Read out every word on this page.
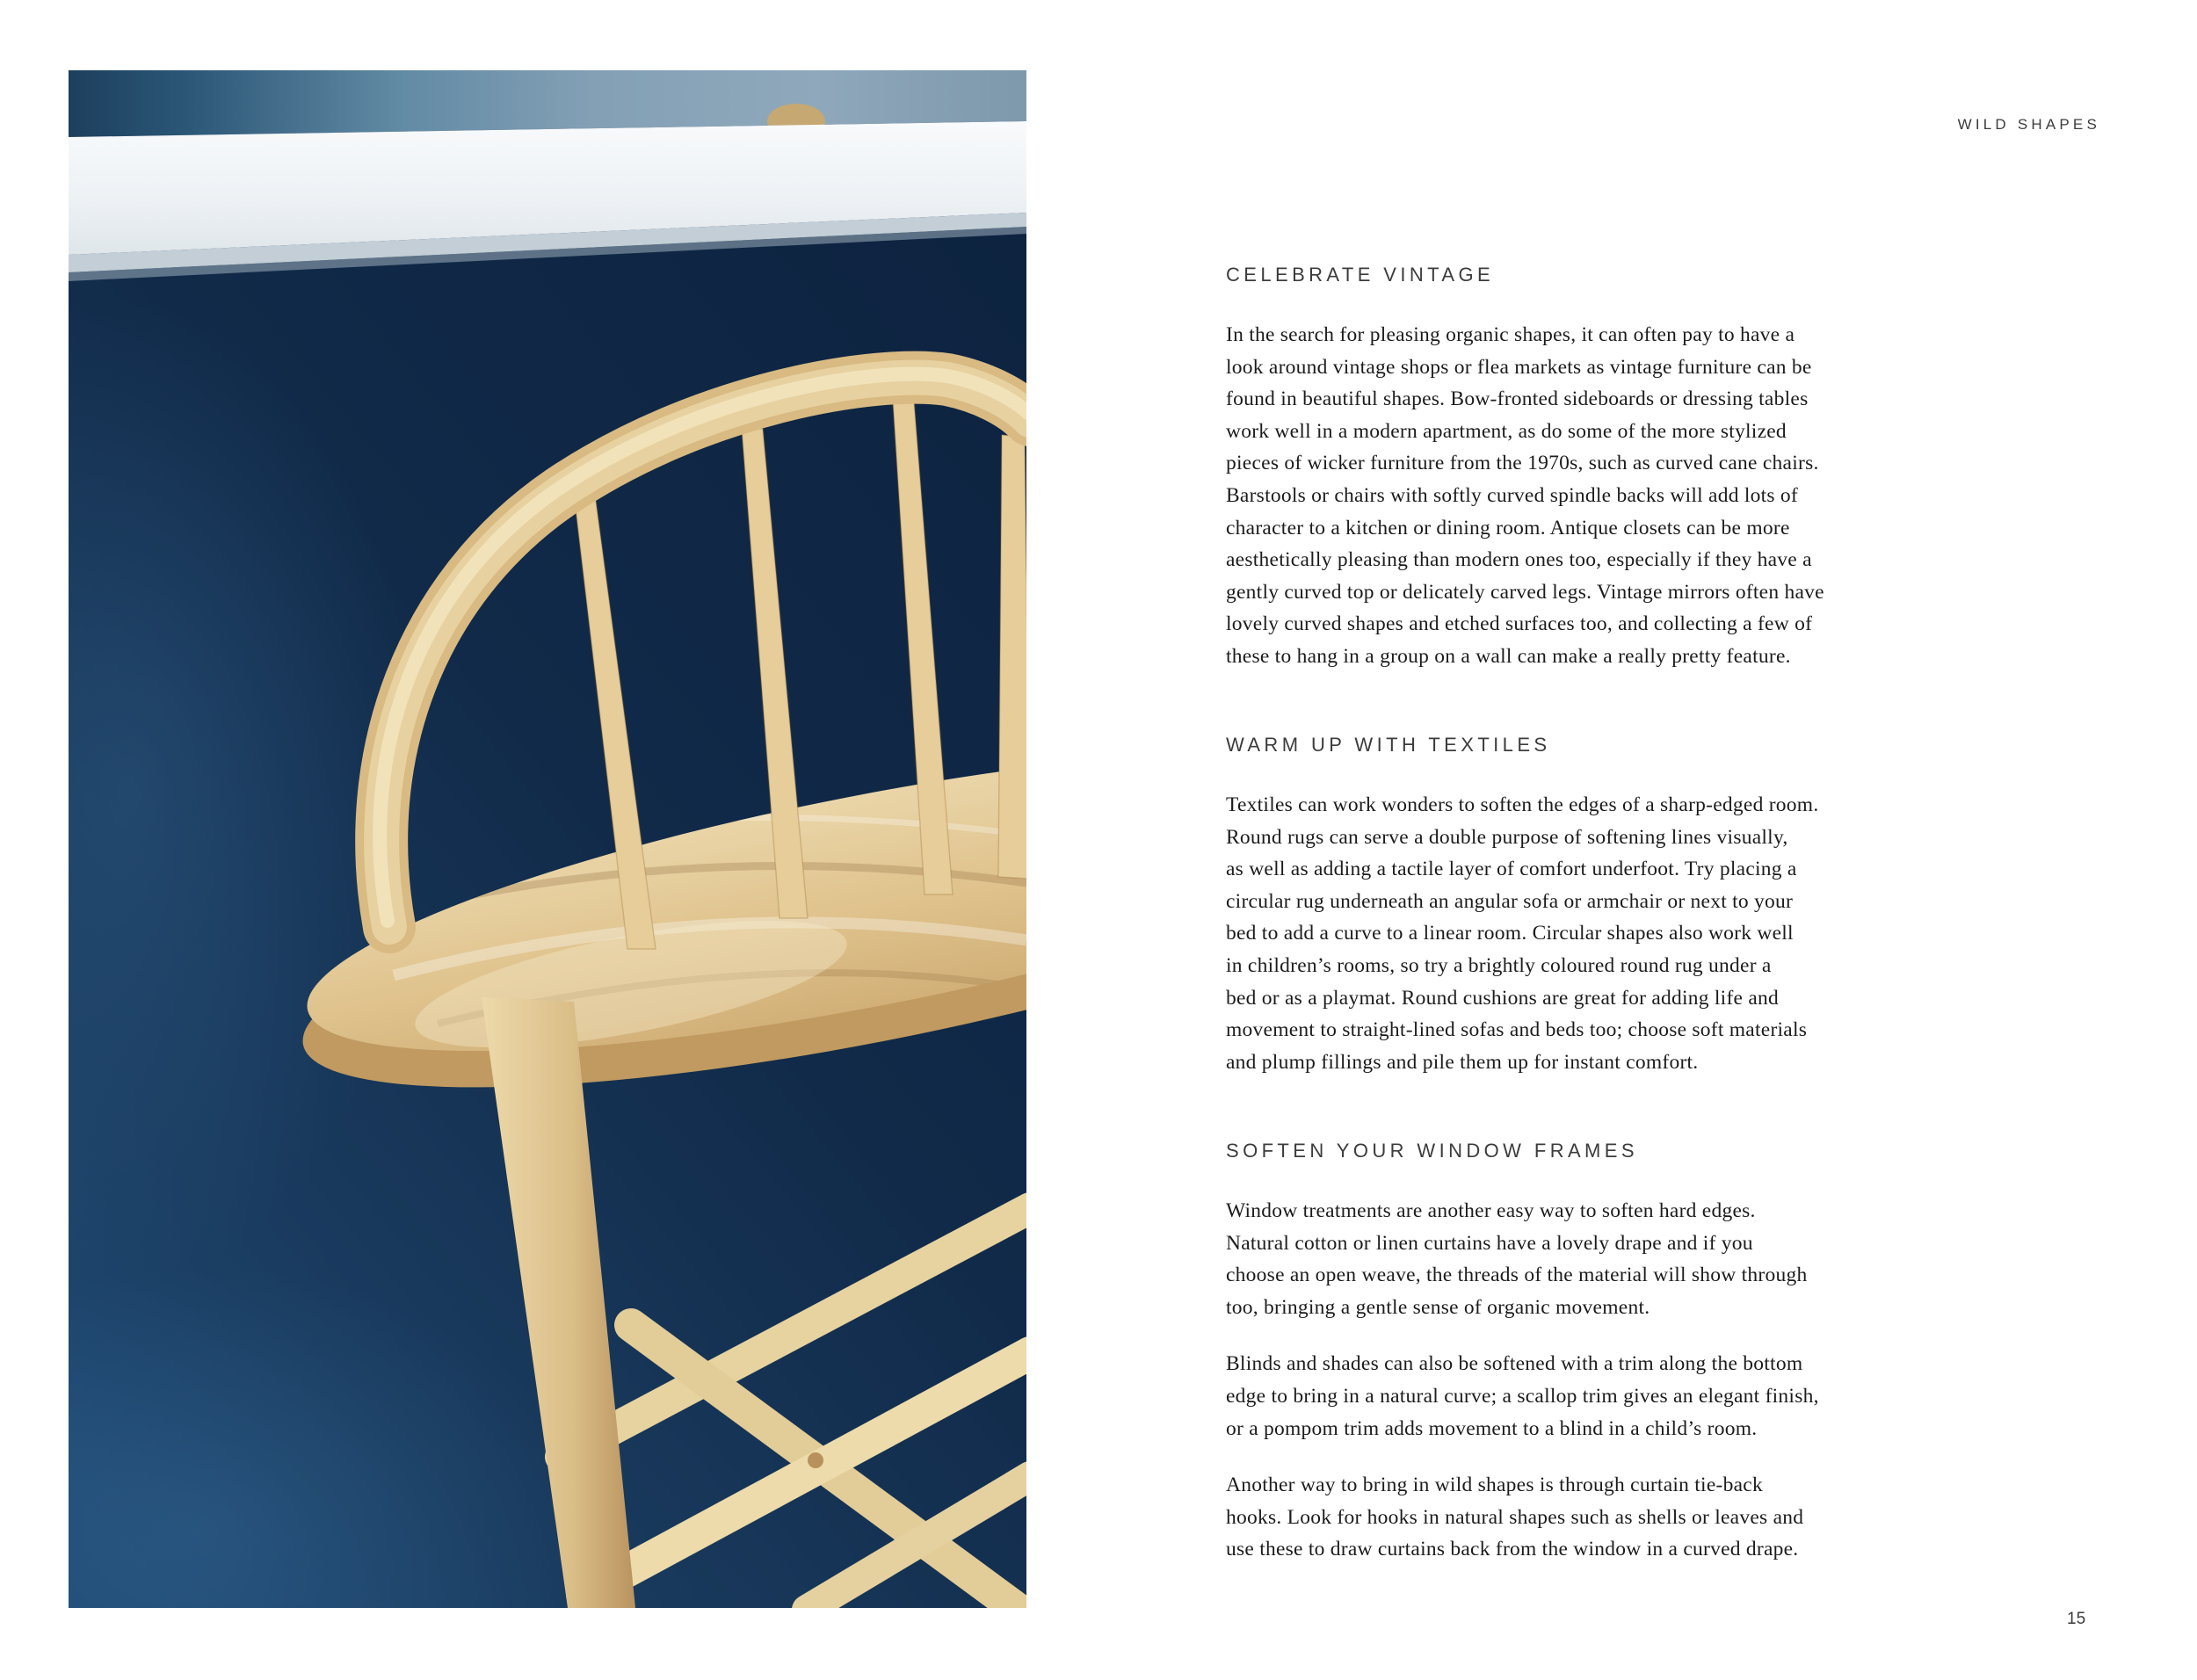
WILD SHAPES
CELEBRATE VINTAGE

In the search for pleasing organic shapes, it can often pay to have a
look around vintage shops or flea markets as vintage furniture can be
found in beautiful shapes. Bow-fronted sideboards or dressing tables
work well in a modern apartment, as do some of the more stylized
pieces of wicker furniture from the 1970s, such as curved cane chairs.
Barstools or chairs with softly curved spindle backs will add lots of
character to a kitchen or dining room. Antique closets can be more
aesthetically pleasing than modern ones too, especially if they have a
gently curved top or delicately carved legs. Vintage mirrors often have
lovely curved shapes and etched surfaces too, and collecting a few of
these to hang in a group on a wall can make a really pretty feature.

WARM UP WITH TEXTILES

Textiles can work wonders to soften the edges of a sharp-edged room.
Round rugs can serve a double purpose of softening lines visually,
as well as adding a tactile layer of comfort underfoot. Try placing a
circular rug underneath an angular sofa or armchair or next to your
bed to add a curve to a linear room. Circular shapes also work well
in children’s rooms, so try a brightly coloured round rug under a
bed or as a playmat. Round cushions are great for adding life and
movement to straight-lined sofas and beds too; choose soft materials
and plump fillings and pile them up for instant comfort.

SOFTEN YOUR WINDOW FRAMES

Window treatments are another easy way to soften hard edges.
Natural cotton or linen curtains have a lovely drape and if you
choose an open weave, the threads of the material will show through
too, bringing a gentle sense of organic movement.

Blinds and shades can also be softened with a trim along the bottom
edge to bring in a natural curve; a scallop trim gives an elegant finish,
or a pompom trim adds movement to a blind in a child’s room.

Another way to bring in wild shapes is through curtain tie-back
hooks. Look for hooks in natural shapes such as shells or leaves and
use these to draw curtains back from the window in a curved drape.

15
